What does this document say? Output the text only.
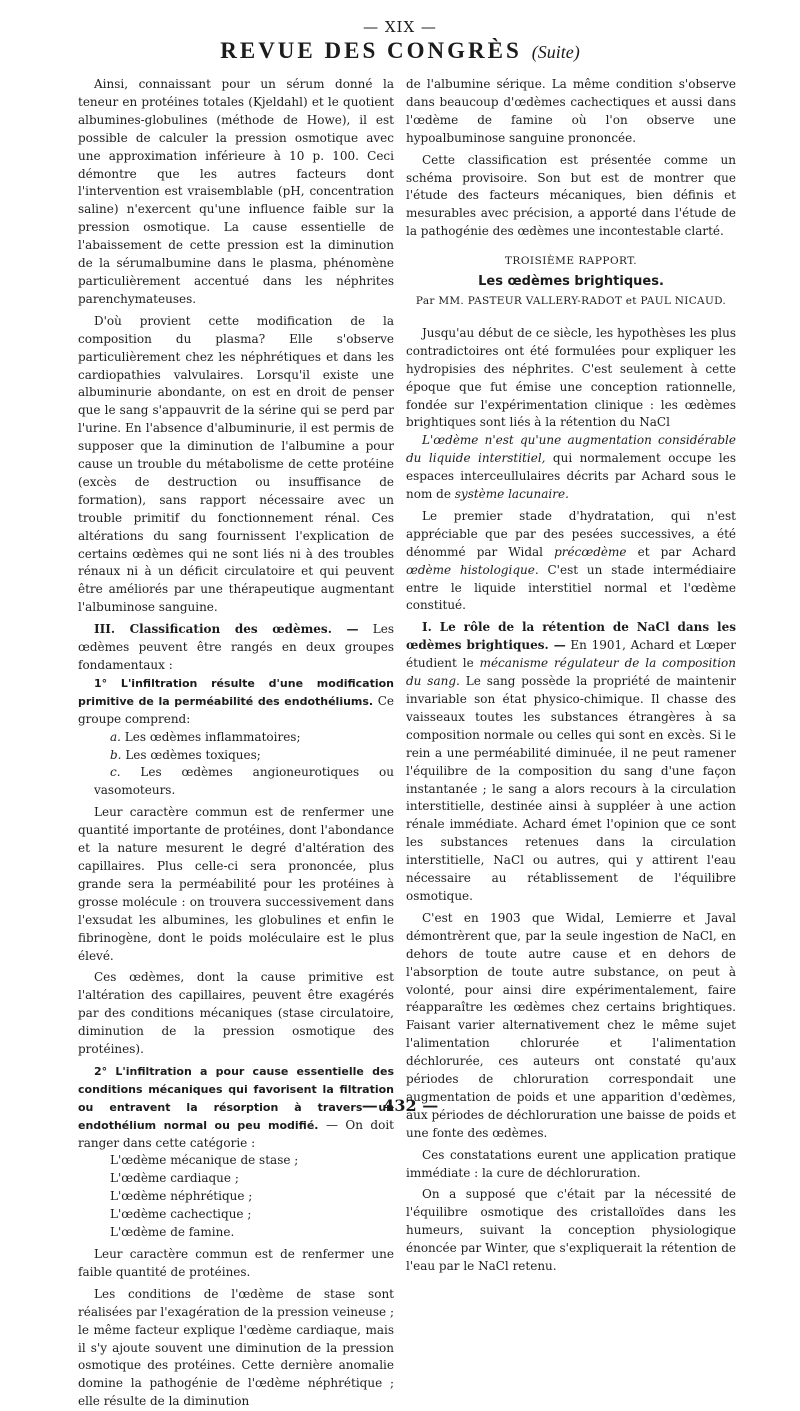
— XIX —
REVUE DES CONGRÈS (Suite)

Ainsi, connaissant pour un sérum donné la teneur en protéines totales (Kjeldahl) et le quotient albumines-globulines (méthode de Howe), il est possible de calculer la pression osmotique avec une approximation inférieure à 10 p. 100. Ceci démontre que les autres facteurs dont l'intervention est vraisemblable (pH, concentration saline) n'exercent qu'une influence faible sur la pression osmotique. La cause essentielle de l'abaissement de cette pression est la diminution de la sérumalbumine dans le plasma, phénomène particulièrement accentué dans les néphrites parenchymateuses.

D'où provient cette modification de la composition du plasma? Elle s'observe particulièrement chez les néphrétiques et dans les cardiopathies valvulaires. Lorsqu'il existe une albuminurie abondante, on est en droit de penser que le sang s'appauvrit de la sérine qui se perd par l'urine. En l'absence d'albuminurie, il est permis de supposer que la diminution de l'albumine a pour cause un trouble du métabolisme de cette protéine (excès de destruction ou insuffisance de formation), sans rapport nécessaire avec un trouble primitif du fonctionnement rénal. Ces altérations du sang fournissent l'explication de certains œdèmes qui ne sont liés ni à des troubles rénaux ni à un déficit circulatoire et qui peuvent être améliorés par une thérapeutique augmentant l'albuminose sanguine.

III. Classification des œdèmes. — Les œdèmes peuvent être rangés en deux groupes fondamentaux :

1° L'infiltration résulte d'une modification primitive de la perméabilité des endothéliums. Ce groupe comprend:

a. Les œdèmes inflammatoires;

b. Les œdèmes toxiques;

c. Les œdèmes angioneurotiques ou vasomoteurs.

Leur caractère commun est de renfermer une quantité importante de protéines, dont l'abondance et la nature mesurent le degré d'altération des capillaires. Plus celle-ci sera prononcée, plus grande sera la perméabilité pour les protéines à grosse molécule : on trouvera successivement dans l'exsudat les albumines, les globulines et enfin le fibrinogène, dont le poids moléculaire est le plus élevé.

Ces œdèmes, dont la cause primitive est l'altération des capillaires, peuvent être exagérés par des conditions mécaniques (stase circulatoire, diminution de la pression osmotique des protéines).

2° L'infiltration a pour cause essentielle des conditions mécaniques qui favorisent la filtration ou entravent la résorption à travers un endothélium normal ou peu modifié. — On doit ranger dans cette catégorie :

L'œdème mécanique de stase ;

L'œdème cardiaque ;

L'œdème néphrétique ;

L'œdème cachectique ;

L'œdème de famine.

Leur caractère commun est de renfermer une faible quantité de protéines.

Les conditions de l'œdème de stase sont réalisées par l'exagération de la pression veineuse ; le même facteur explique l'œdème cardiaque, mais il s'y ajoute souvent une diminution de la pression osmotique des protéines. Cette dernière anomalie domine la pathogénie de l'œdème néphrétique ; elle résulte de la diminution

de l'albumine sérique. La même condition s'observe dans beaucoup d'œdèmes cachectiques et aussi dans l'œdème de famine où l'on observe une hypoalbuminose sanguine prononcée.

Cette classification est présentée comme un schéma provisoire. Son but est de montrer que l'étude des facteurs mécaniques, bien définis et mesurables avec précision, a apporté dans l'étude de la pathogénie des œdèmes une incontestable clarté.

TROISIÈME RAPPORT.
Les œdèmes brightiques.
Par MM. PASTEUR VALLERY-RADOT et PAUL NICAUD.

Jusqu'au début de ce siècle, les hypothèses les plus contradictoires ont été formulées pour expliquer les hydropisies des néphrites. C'est seulement à cette époque que fut émise une conception rationnelle, fondée sur l'expérimentation clinique : les œdèmes brightiques sont liés à la rétention du NaCl

L'œdème n'est qu'une augmentation considérable du liquide interstitiel, qui normalement occupe les espaces interceullulaires décrits par Achard sous le nom de système lacunaire.

Le premier stade d'hydratation, qui n'est appréciable que par des pesées successives, a été dénommé par Widal précœdème et par Achard œdème histologique. C'est un stade intermédiaire entre le liquide interstitiel normal et l'œdème constitué.

I. Le rôle de la rétention de NaCl dans les œdèmes brightiques. — En 1901, Achard et Lœper étudient le mécanisme régulateur de la composition du sang. Le sang possède la propriété de maintenir invariable son état physico-chimique. Il chasse des vaisseaux toutes les substances étrangères à sa composition normale ou celles qui sont en excès. Si le rein a une perméabilité diminuée, il ne peut ramener l'équilibre de la composition du sang d'une façon instantanée ; le sang a alors recours à la circulation interstitielle, destinée ainsi à suppléer à une action rénale immédiate. Achard émet l'opinion que ce sont les substances retenues dans la circulation interstitielle, NaCl ou autres, qui y attirent l'eau nécessaire au rétablissement de l'équilibre osmotique.

C'est en 1903 que Widal, Lemierre et Javal démontrèrent que, par la seule ingestion de NaCl, en dehors de toute autre cause et en dehors de l'absorption de toute autre substance, on peut à volonté, pour ainsi dire expérimentalement, faire réapparaître les œdèmes chez certains brightiques. Faisant varier alternativement chez le même sujet l'alimentation chlorurée et l'alimentation déchlorurée, ces auteurs ont constaté qu'aux périodes de chloruration correspondait une augmentation de poids et une apparition d'œdèmes, aux périodes de déchloruration une baisse de poids et une fonte des œdèmes.

Ces constatations eurent une application pratique immédiate : la cure de déchloruration.

On a supposé que c'était par la nécessité de l'équilibre osmotique des cristalloïdes dans les humeurs, suivant la conception physiologique énoncée par Winter, que s'expliquerait la rétention de l'eau par le NaCl retenu.

— 432 —
